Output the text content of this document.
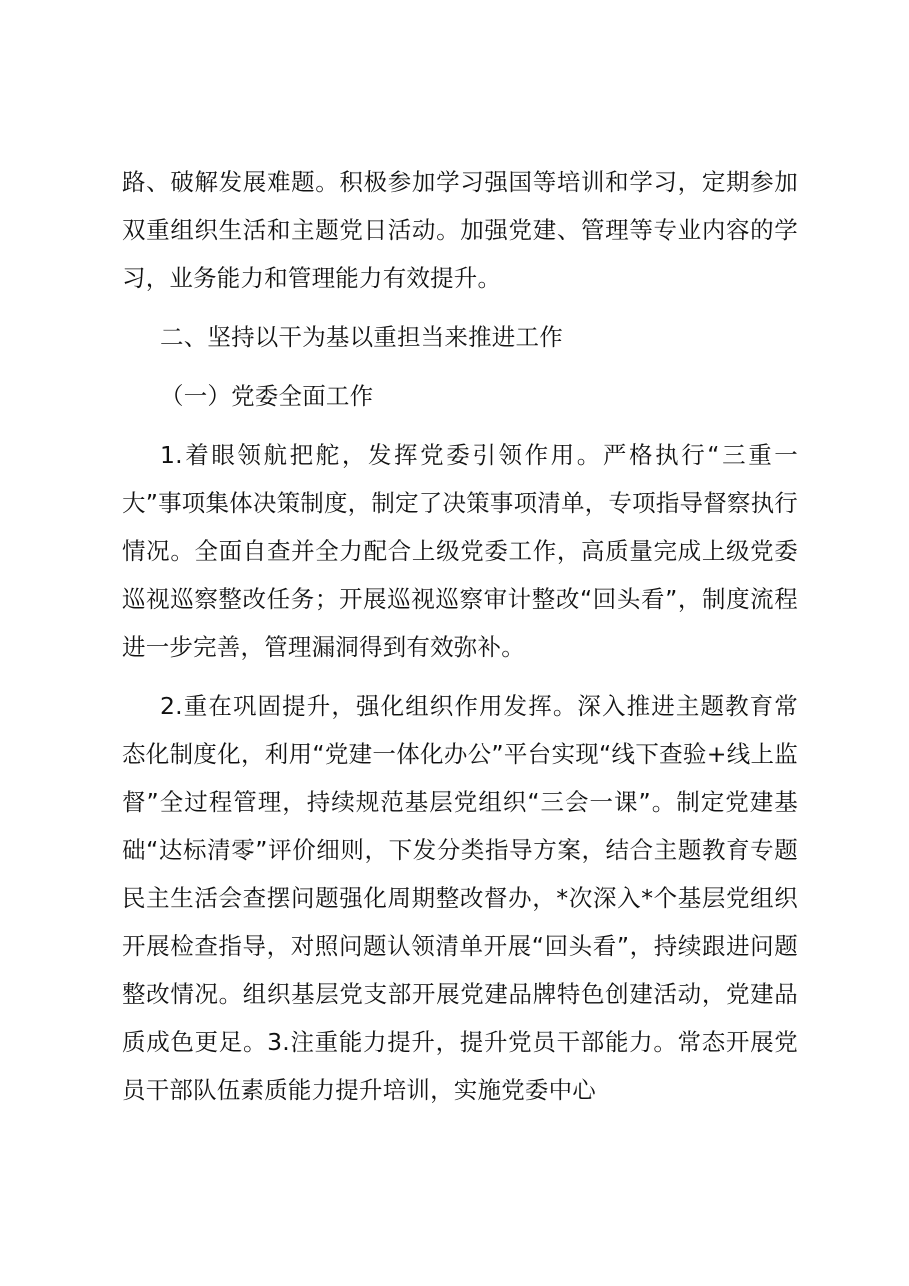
路、破解发展难题。积极参加学习强国等培训和学习，定期参加双重组织生活和主题党日活动。加强党建、管理等专业内容的学习，业务能力和管理能力有效提升。

二、坚持以干为基以重担当来推进工作

（一）党委全面工作

1.着眼领航把舵，发挥党委引领作用。严格执行“三重一大”事项集体决策制度，制定了决策事项清单，专项指导督察执行情况。全面自查并全力配合上级党委工作，高质量完成上级党委巡视巡察整改任务；开展巡视巡察审计整改“回头看”，制度流程进一步完善，管理漏洞得到有效弥补。

2.重在巩固提升，强化组织作用发挥。深入推进主题教育常态化制度化，利用“党建一体化办公”平台实现“线下查验+线上监督”全过程管理，持续规范基层党组织“三会一课”。制定党建基础“达标清零”评价细则，下发分类指导方案，结合主题教育专题民主生活会查摆问题强化周期整改督办，*次深入*个基层党组织开展检查指导，对照问题认领清单开展“回头看”，持续跟进问题整改情况。组织基层党支部开展党建品牌特色创建活动，党建品质成色更足。3.注重能力提升，提升党员干部能力。常态开展党员干部队伍素质能力提升培训，实施党委中心
